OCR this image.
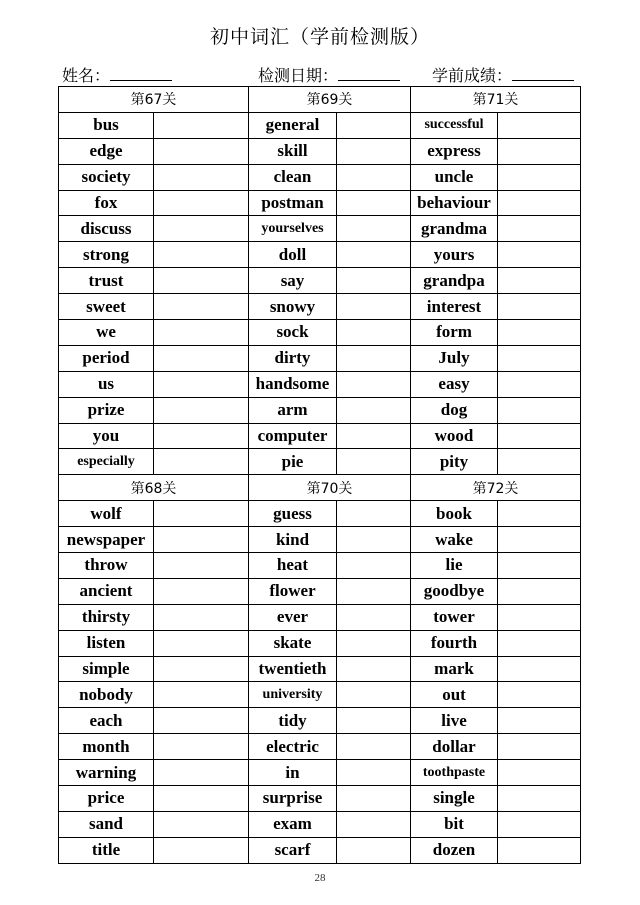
初中词汇（学前检测版）
姓名：	检测日期：	学前成绩：
第67关		第69关		第71关	
bus		general		successful	
edge		skill		express	
society		clean		uncle	
fox		postman		behaviour	
discuss		yourselves		grandma	
strong		doll		yours	
trust		say		grandpa	
sweet		snowy		interest	
we		sock		form	
period		dirty		July	
us		handsome		easy	
prize		arm		dog	
you		computer		wood	
especially		pie		pity	
第68关		第70关		第72关	
wolf		guess		book	
newspaper		kind		wake	
throw		heat		lie	
ancient		flower		goodbye	
thirsty		ever		tower	
listen		skate		fourth	
simple		twentieth		mark	
nobody		university		out	
each		tidy		live	
month		electric		dollar	
warning		in		toothpaste	
price		surprise		single	
sand		exam		bit	
title		scarf		dozen	
28
